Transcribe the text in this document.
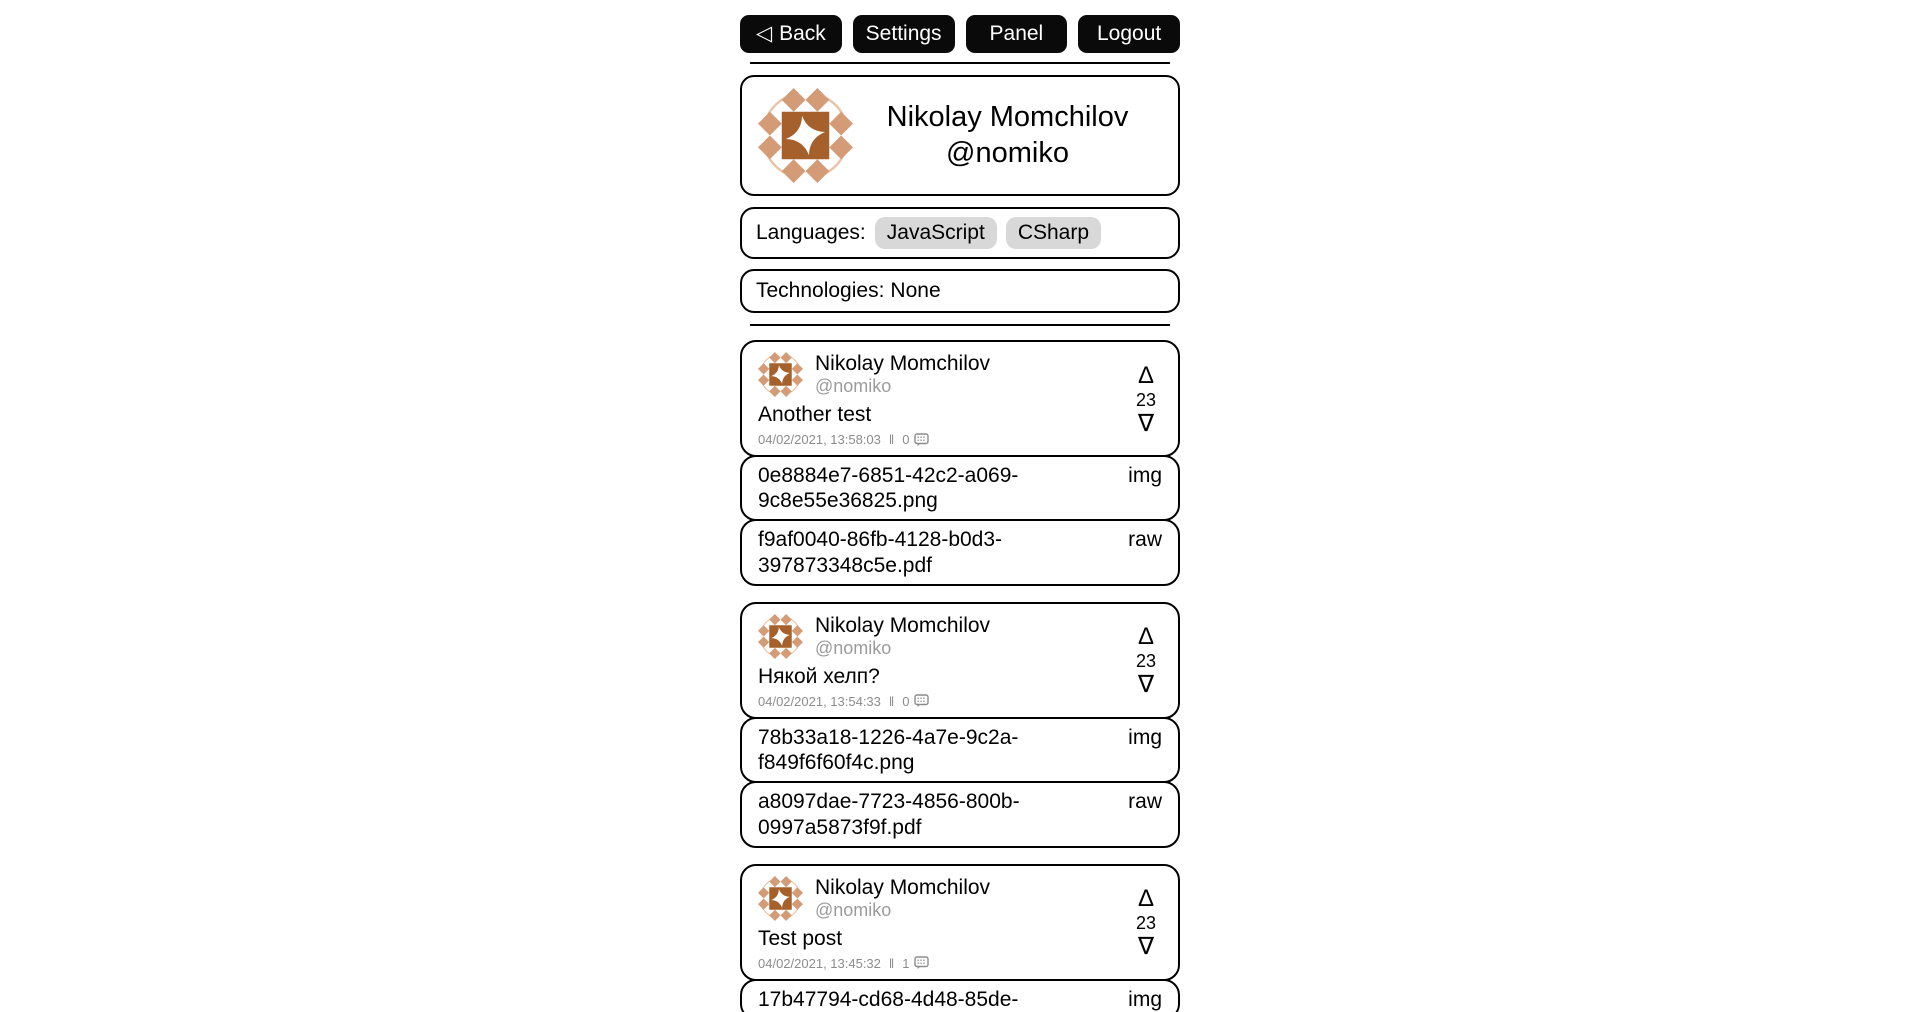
◁ Back Settings Panel	Logout
Nikolay Momchilov
@nomiko
Languages:	JavaScript	CSharp
Technologies: None
Nikolay Momchilov
@nomiko
Another test
04/02/2021, 13:58:03 ‖ 0
Δ
23
∇
0e8884e7-6851-42c2-a069-9c8e55e36825.png
img
f9af0040-86fb-4128-b0d3-397873348c5e.pdf
raw
Nikolay Momchilov
@nomiko
Някой хелп?
04/02/2021, 13:54:33 ‖ 0
Δ
23
∇
78b33a18-1226-4a7e-9c2a-f849f6f60f4c.png
img
a8097dae-7723-4856-800b-0997a5873f9f.pdf
raw
Nikolay Momchilov
@nomiko
Test post
04/02/2021, 13:45:32 ‖ 1
Δ
23
∇
17b47794-cd68-4d48-85de-	img
